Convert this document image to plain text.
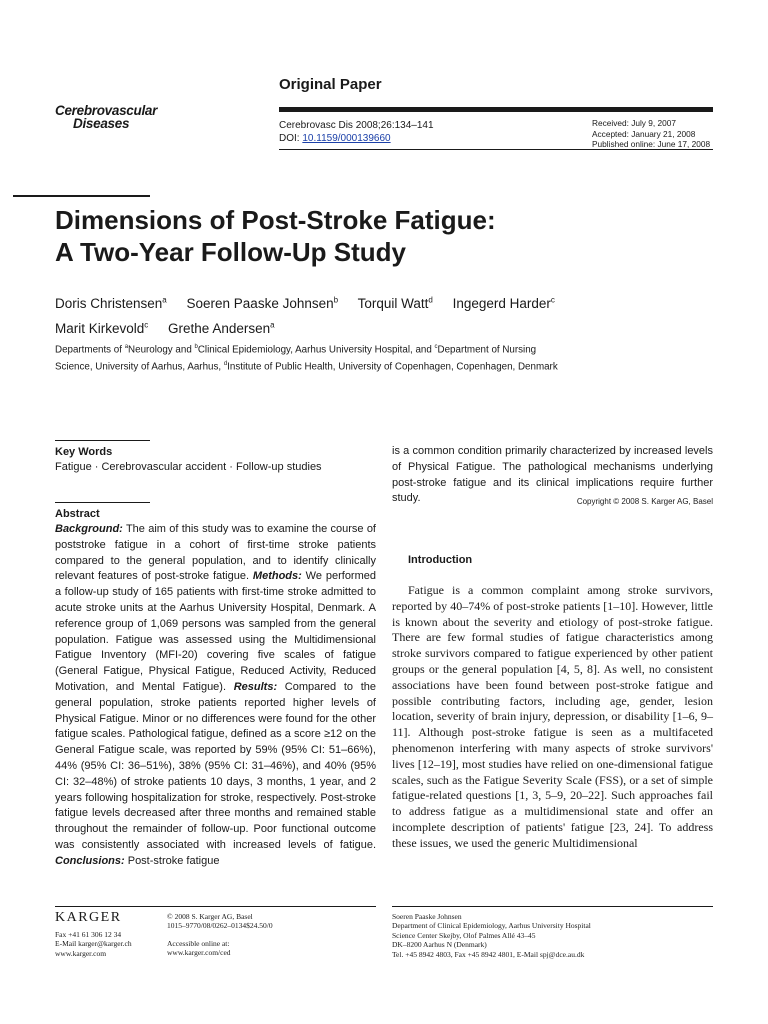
Original Paper
Cerebrovascular
Diseases	Cerebrovasc Dis 2008;26:134–141
DOI: 10.1159/000139660
Received: July 9, 2007
Accepted: January 21, 2008
Published online: June 17, 2008
Dimensions of Post-Stroke Fatigue:
A Two-Year Follow-Up Study
Doris Christensen$^a$ Soeren Paaske Johnsen$^b$ Torquil Watt$^d$ Ingegerd Harder$^c$
Marit Kirkevold$^c$ Grethe Andersen$^a$
Departments of $^a$Neurology and $^b$Clinical Epidemiology, Aarhus University Hospital, and $^c$Department of Nursing Science, University of Aarhus, Aarhus, $^d$Institute of Public Health, University of Copenhagen, Copenhagen, Denmark
Key Words
Fatigue · Cerebrovascular accident · Follow-up studies
Abstract
Background: The aim of this study was to examine the course of poststroke fatigue in a cohort of first-time stroke patients compared to the general population, and to identify clinically relevant features of post-stroke fatigue. Methods: We performed a follow-up study of 165 patients with first-time stroke admitted to acute stroke units at the Aarhus University Hospital, Denmark. A reference group of 1,069 persons was sampled from the general population. Fatigue was assessed using the Multidimensional Fatigue Inventory (MFI-20) covering five scales of fatigue (General Fatigue, Physical Fatigue, Reduced Activity, Reduced Motivation, and Mental Fatigue). Results: Compared to the general population, stroke patients reported higher levels of Physical Fatigue. Minor or no differences were found for the other fatigue scales. Pathological fatigue, defined as a score ≥12 on the General Fatigue scale, was reported by 59% (95% CI: 51–66%), 44% (95% CI: 36–51%), 38% (95% CI: 31–46%), and 40% (95% CI: 32–48%) of stroke patients 10 days, 3 months, 1 year, and 2 years following hospitalization for stroke, respectively. Post-stroke fatigue levels decreased after three months and remained stable throughout the remainder of follow-up. Poor functional outcome was consistently associated with increased levels of fatigue. Conclusions: Post-stroke fatigue
is a common condition primarily characterized by increased levels of Physical Fatigue. The pathological mechanisms underlying post-stroke fatigue and its clinical implications require further study.	Copyright © 2008 S. Karger AG, Basel
Introduction
Fatigue is a common complaint among stroke survivors, reported by 40–74% of post-stroke patients [1–10]. However, little is known about the severity and etiology of post-stroke fatigue. There are few formal studies of fatigue characteristics among stroke survivors compared to fatigue experienced by other patient groups or the general population [4, 5, 8]. As well, no consistent associations have been found between post-stroke fatigue and possible contributing factors, including age, gender, lesion location, severity of brain injury, depression, or disability [1–6, 9–11]. Although post-stroke fatigue is seen as a multifaceted phenomenon interfering with many aspects of stroke survivors' lives [12–19], most studies have relied on one-dimensional fatigue scales, such as the Fatigue Severity Scale (FSS), or a set of simple fatigue-related questions [1, 3, 5–9, 20–22]. Such approaches fail to address fatigue as a multidimensional state and offer an incomplete description of patients' fatigue [23, 24]. To address these issues, we used the generic Multidimensional
KARGER
Fax +41 61 306 12 34
E-Mail karger@karger.ch
www.karger.com
© 2008 S. Karger AG, Basel
1015–9770/08/0262–0134$24.50/0
Accessible online at:
www.karger.com/ced
Soeren Paaske Johnsen
Department of Clinical Epidemiology, Aarhus University Hospital
Science Center Skejby, Olof Palmes Allé 43–45
DK–8200 Aarhus N (Denmark)
Tel. +45 8942 4803, Fax +45 8942 4801, E-Mail spj@dce.au.dk
